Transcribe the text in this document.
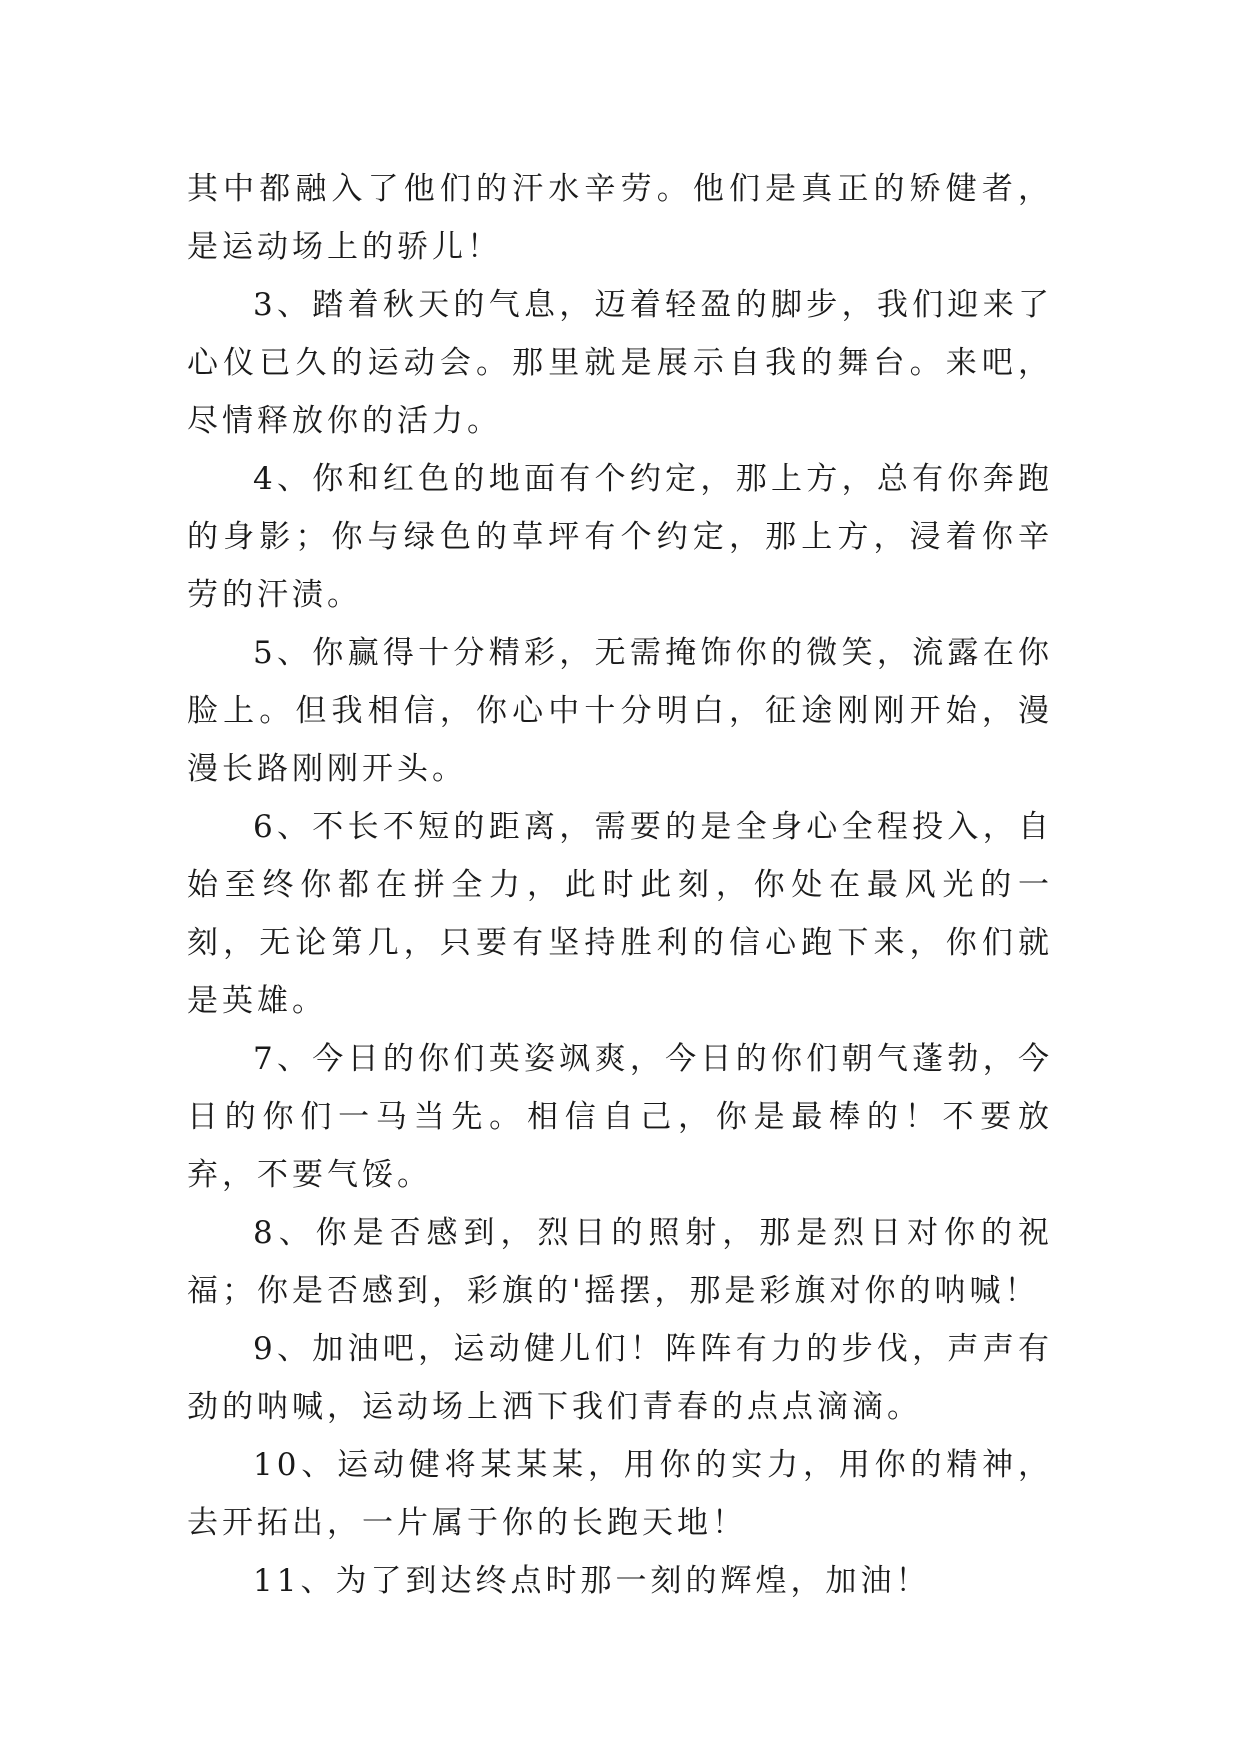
其中都融入了他们的汗水辛劳。他们是真正的矫健者，是运动场上的骄儿！

3、踏着秋天的气息，迈着轻盈的脚步，我们迎来了心仪已久的运动会。那里就是展示自我的舞台。来吧，尽情释放你的活力。

4、你和红色的地面有个约定，那上方，总有你奔跑的身影；你与绿色的草坪有个约定，那上方，浸着你辛劳的汗渍。

5、你赢得十分精彩，无需掩饰你的微笑，流露在你脸上。但我相信，你心中十分明白，征途刚刚开始，漫漫长路刚刚开头。

6、不长不短的距离，需要的是全身心全程投入，自始至终你都在拼全力，此时此刻，你处在最风光的一刻，无论第几，只要有坚持胜利的信心跑下来，你们就是英雄。

7、今日的你们英姿飒爽，今日的你们朝气蓬勃，今日的你们一马当先。相信自己，你是最棒的！不要放弃，不要气馁。

8、你是否感到，烈日的照射，那是烈日对你的祝福；你是否感到，彩旗的'摇摆，那是彩旗对你的呐喊！

9、加油吧，运动健儿们！阵阵有力的步伐，声声有劲的呐喊，运动场上洒下我们青春的点点滴滴。

10、运动健将某某某，用你的实力，用你的精神，去开拓出，一片属于你的长跑天地！

11、为了到达终点时那一刻的辉煌，加油！
